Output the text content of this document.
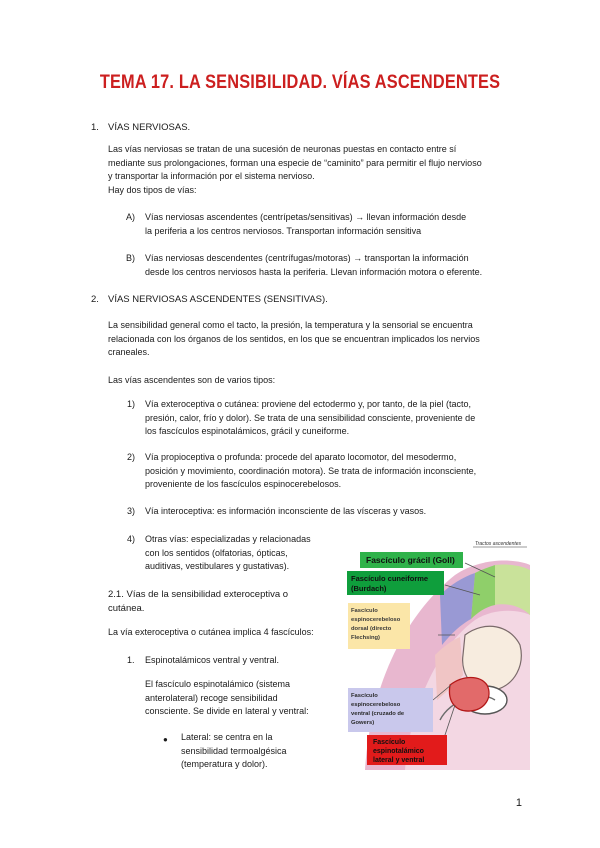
TEMA 17. LA SENSIBILIDAD. VÍAS ASCENDENTES
1. VÍAS NERVIOSAS.
Las vías nerviosas se tratan de una sucesión de neuronas puestas en contacto entre sí
mediante sus prolongaciones, forman una especie de “caminito” para permitir el flujo nervioso
y transportar la información por el sistema nervioso.
Hay dos tipos de vías:
A) Vías nerviosas ascendentes (centrípetas/sensitivas) → llevan información desde
la periferia a los centros nerviosos. Transportan información sensitiva
B) Vías nerviosas descendentes (centrífugas/motoras) → transportan la información
desde los centros nerviosos hasta la periferia. Llevan información motora o eferente.
2. VÍAS NERVIOSAS ASCENDENTES (SENSITIVAS).
La sensibilidad general como el tacto, la presión, la temperatura y la sensorial se encuentra
relacionada con los órganos de los sentidos, en los que se encuentran implicados los nervios
craneales.
Las vías ascendentes son de varios tipos:
1) Vía exteroceptiva o cutánea: proviene del ectodermo y, por tanto, de la piel (tacto,
presión, calor, frío y dolor). Se trata de una sensibilidad consciente, proveniente de
los fascículos espinotalámicos, grácil y cuneiforme.
2) Vía propioceptiva o profunda: procede del aparato locomotor, del mesodermo,
posición y movimiento, coordinación motora). Se trata de información inconsciente,
proveniente de los fascículos espinocerebelosos.
3) Vía interoceptiva: es información inconsciente de las vísceras y vasos.
4) Otras vías: especializadas y relacionadas
con los sentidos (olfatorias, ópticas,
auditivas, vestibulares y gustativas).
2.1. Vías de la sensibilidad exteroceptiva o
cutánea.
La vía exteroceptiva o cutánea implica 4 fascículos:
1. Espinotalámicos ventral y ventral.
El fascículo espinotalámico (sistema
anterolateral) recoge sensibilidad
consciente. Se divide en lateral y ventral:
● Lateral: se centra en la
sensibilidad termoalgésica
(temperatura y dolor).
Tractos ascendentes
Fascículo grácil (Goll)
Fascículo cuneiforme
(Burdach)
Fascículo
espinocerebeloso
dorsal (directo
Flechsing)
Fascículo
espinocerebeloso
ventral (cruzado de
Gowers)
Fascículo
espinotalámico
lateral y ventral
1
